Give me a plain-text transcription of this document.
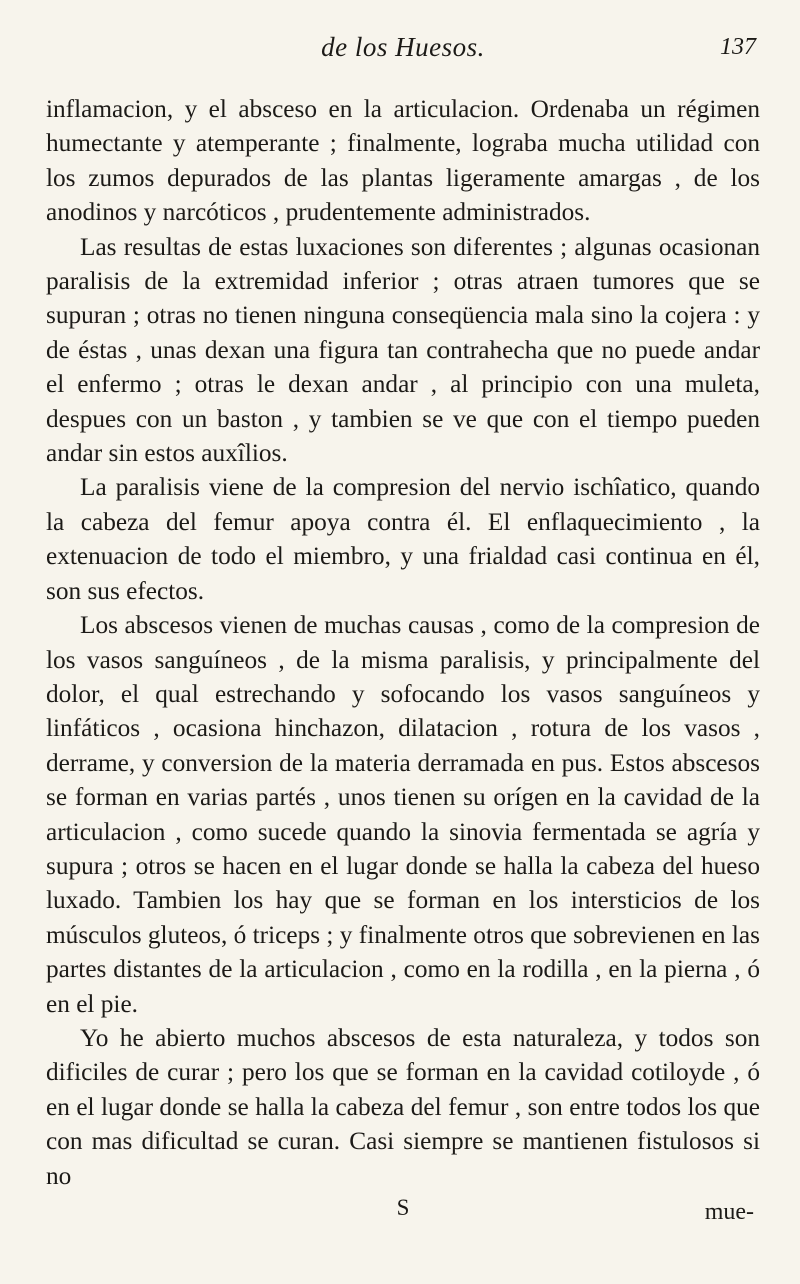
de los Huesos.	137

inflamacion, y el absceso en la articulacion. Ordenaba un régimen humectante y atemperante ; finalmente, lograba mucha utilidad con los zumos depurados de las plantas ligeramente amargas , de los anodinos y narcóticos , prudentemente administrados.

Las resultas de estas luxaciones son diferentes ; algunas ocasionan paralisis de la extremidad inferior ; otras atraen tumores que se supuran ; otras no tienen ninguna conseqüencia mala sino la cojera : y de éstas , unas dexan una figura tan contrahecha que no puede andar el enfermo ; otras le dexan andar , al principio con una muleta, despues con un baston , y tambien se ve que con el tiempo pueden andar sin estos auxîlios.

La paralisis viene de la compresion del nervio ischîatico, quando la cabeza del femur apoya contra él. El enflaquecimiento , la extenuacion de todo el miembro, y una frialdad casi continua en él, son sus efectos.

Los abscesos vienen de muchas causas , como de la compresion de los vasos sanguíneos , de la misma paralisis, y principalmente del dolor, el qual estrechando y sofocando los vasos sanguíneos y linfáticos , ocasiona hinchazon, dilatacion , rotura de los vasos , derrame, y conversion de la materia derramada en pus. Estos abscesos se forman en varias partés , unos tienen su orígen en la cavidad de la articulacion , como sucede quando la sinovia fermentada se agría y supura ; otros se hacen en el lugar donde se halla la cabeza del hueso luxado. Tambien los hay que se forman en los intersticios de los músculos gluteos, ó triceps ; y finalmente otros que sobrevienen en las partes distantes de la articulacion , como en la rodilla , en la pierna , ó en el pie.

Yo he abierto muchos abscesos de esta naturaleza, y todos son dificiles de curar ; pero los que se forman en la cavidad cotiloyde , ó en el lugar donde se halla la cabeza del femur , son entre todos los que con mas dificultad se curan. Casi siempre se mantienen fistulosos si no

S	mue-
